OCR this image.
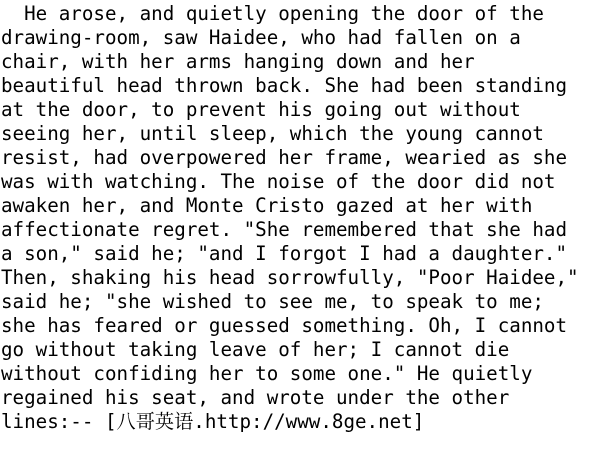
He arose, and quietly opening the door of the
drawing-room, saw Haidee, who had fallen on a
chair, with her arms hanging down and her
beautiful head thrown back. She had been standing
at the door, to prevent his going out without
seeing her, until sleep, which the young cannot
resist, had overpowered her frame, wearied as she
was with watching. The noise of the door did not
awaken her, and Monte Cristo gazed at her with
affectionate regret. "She remembered that she had
a son," said he; "and I forgot I had a daughter."
Then, shaking his head sorrowfully, "Poor Haidee,"
said he; "she wished to see me, to speak to me;
she has feared or guessed something. Oh, I cannot
go without taking leave of her; I cannot die
without confiding her to some one." He quietly
regained his seat, and wrote under the other
lines:-- [八哥英语.http://www.8ge.net]
